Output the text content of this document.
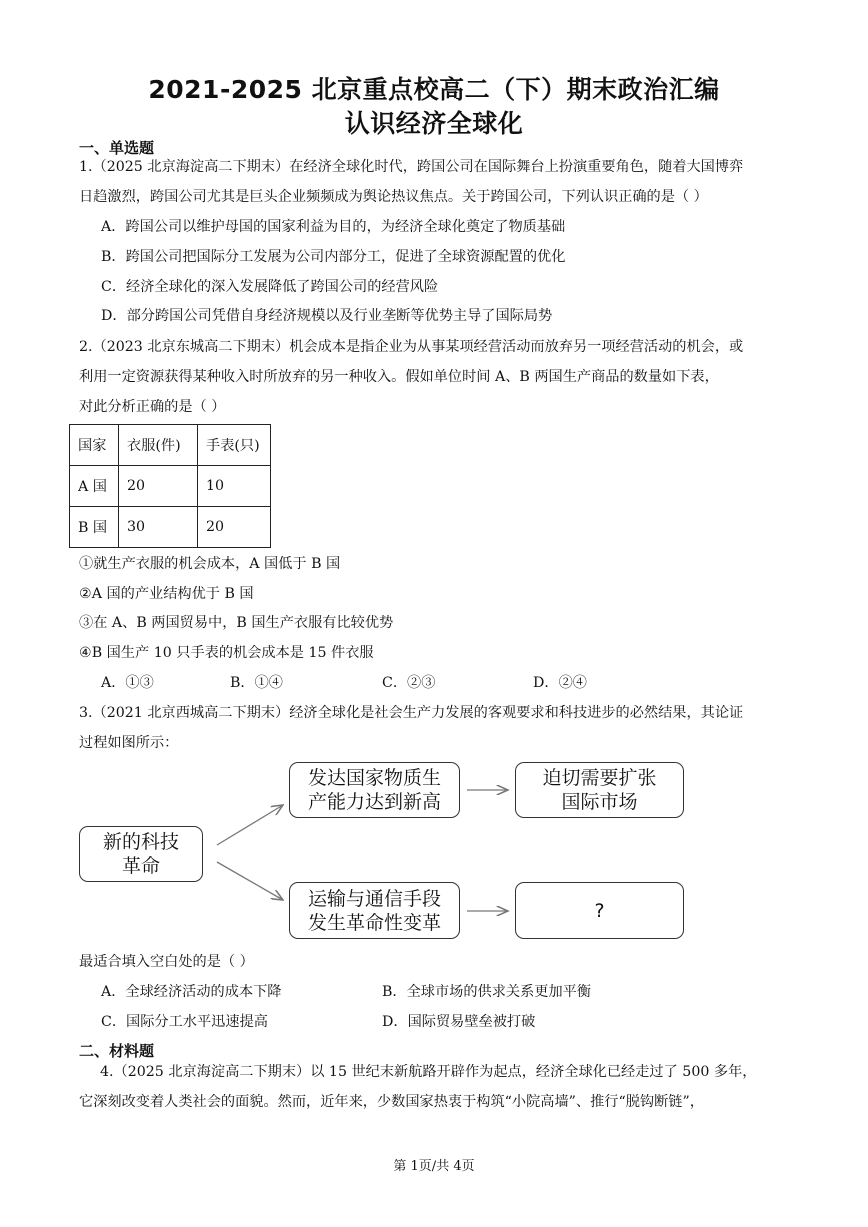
2021-2025 北京重点校高二（下）期末政治汇编
认识经济全球化
一、单选题
1.（2025 北京海淀高二下期末）在经济全球化时代，跨国公司在国际舞台上扮演重要角色，随着大国博弈
日趋激烈，跨国公司尤其是巨头企业频频成为舆论热议焦点。关于跨国公司，下列认识正确的是（ ）
A．跨国公司以维护母国的国家利益为目的，为经济全球化奠定了物质基础
B．跨国公司把国际分工发展为公司内部分工，促进了全球资源配置的优化
C．经济全球化的深入发展降低了跨国公司的经营风险
D．部分跨国公司凭借自身经济规模以及行业垄断等优势主导了国际局势
2.（2023 北京东城高二下期末）机会成本是指企业为从事某项经营活动而放弃另一项经营活动的机会，或
利用一定资源获得某种收入时所放弃的另一种收入。假如单位时间 A、B 两国生产商品的数量如下表，
对此分析正确的是（ ）
国家	衣服(件)	手表(只)
A 国	20	10
B 国	30	20
①就生产衣服的机会成本，A 国低于 B 国
②A 国的产业结构优于 B 国
③在 A、B 两国贸易中，B 国生产衣服有比较优势
④B 国生产 10 只手表的机会成本是 15 件衣服
A．①③	B．①④	C．②③	D．②④
3.（2021 北京西城高二下期末）经济全球化是社会生产力发展的客观要求和科技进步的必然结果，其论证
过程如图所示：
新的科技
革命
发达国家物质生
产能力达到新高
迫切需要扩张
国际市场
运输与通信手段
发生革命性变革
?
最适合填入空白处的是（ ）
A．全球经济活动的成本下降	B．全球市场的供求关系更加平衡
C．国际分工水平迅速提高	D．国际贸易壁垒被打破
二、材料题
4.（2025 北京海淀高二下期末）以 15 世纪末新航路开辟作为起点，经济全球化已经走过了 500 多年，
它深刻改变着人类社会的面貌。然而，近年来，少数国家热衷于构筑“小院高墙”、推行“脱钩断链”，
第 1页/共 4页
